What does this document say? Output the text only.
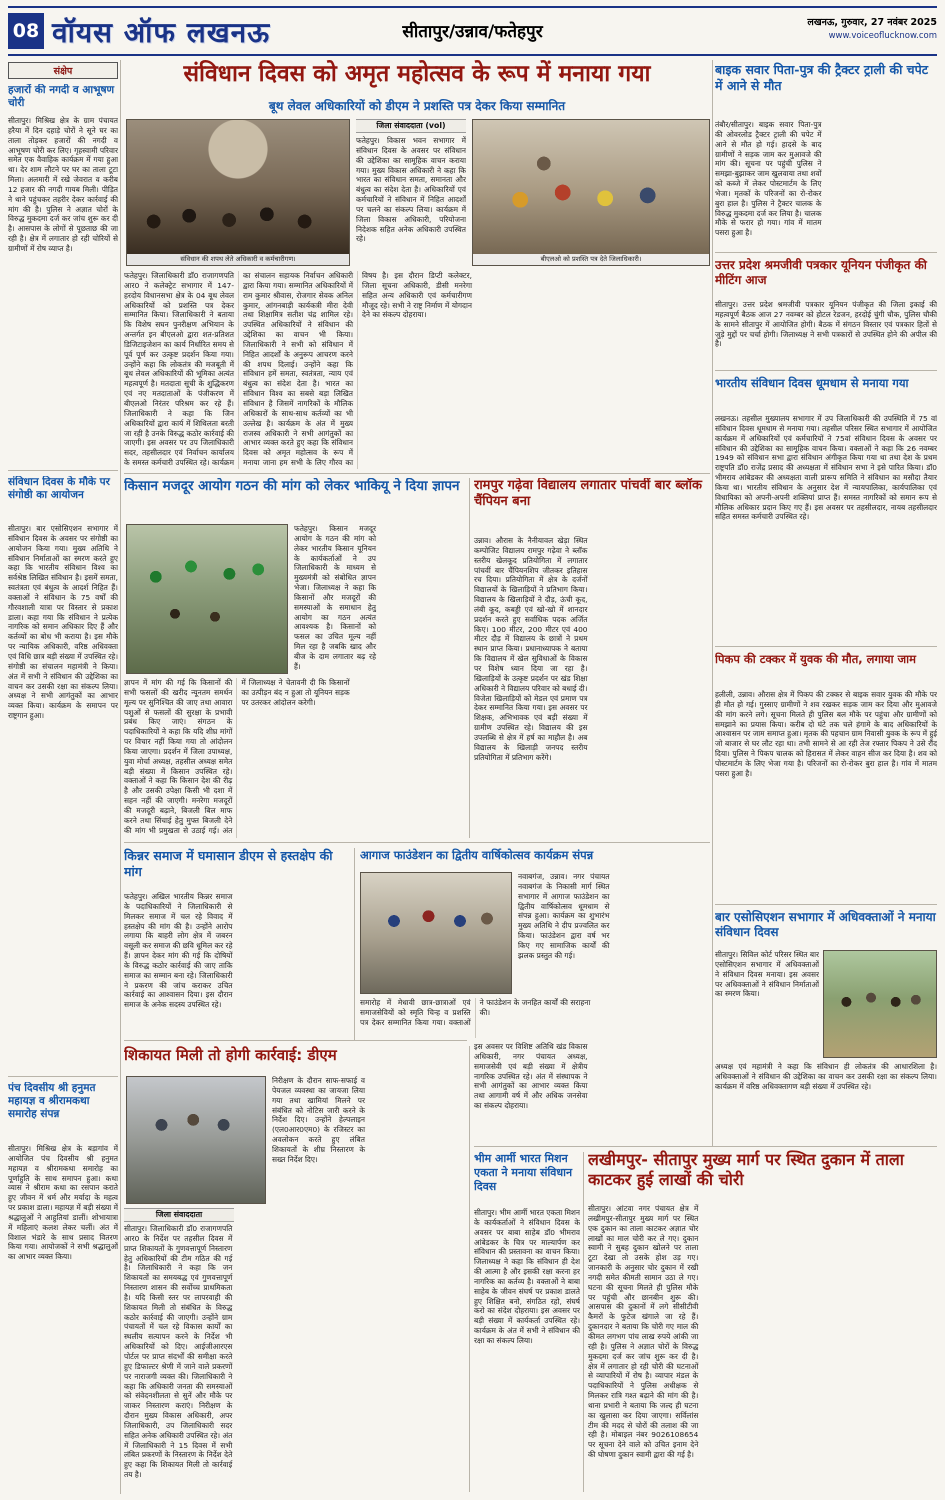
08 वॉयस ऑफ लखनऊ	सीतापुर/उन्नाव/फतेहपुर	लखनऊ, गुरुवार, 27 नवंबर 2025
www.voiceoflucknow.com
संक्षेप
हजारों की नगदी व आभूषण चोरी
सीतापुर। मिश्रिख क्षेत्र के ग्राम पंचायत हरैया में दिन दहाड़े चोरों ने सूने घर का ताला तोड़कर हजारों की नगदी व आभूषण चोरी कर लिए। गृहस्वामी परिवार समेत एक वैवाहिक कार्यक्रम में गया हुआ था। देर शाम लौटने पर घर का ताला टूटा मिला। अलमारी में रखे जेवरात व करीब 12 हजार की नगदी गायब मिली। पीड़ित ने थाने पहुंचकर तहरीर देकर कार्रवाई की मांग की है। पुलिस ने अज्ञात चोरों के विरुद्ध मुकदमा दर्ज कर जांच शुरू कर दी है। आसपास के लोगों से पूछताछ की जा रही है। क्षेत्र में लगातार हो रही चोरियों से ग्रामीणों में रोष व्याप्त है।
संविधान दिवस के मौके पर संगोष्ठी का आयोजन
सीतापुर। बार एसोसिएशन सभागार में संविधान दिवस के अवसर पर संगोष्ठी का आयोजन किया गया। मुख्य अतिथि ने संविधान निर्माताओं का स्मरण करते हुए कहा कि भारतीय संविधान विश्व का सर्वश्रेष्ठ लिखित संविधान है। इसमें समता, स्वतंत्रता एवं बंधुत्व के आदर्श निहित हैं। वक्ताओं ने संविधान के 75 वर्षों की गौरवशाली यात्रा पर विस्तार से प्रकाश डाला। कहा गया कि संविधान ने प्रत्येक नागरिक को समान अधिकार दिए हैं और कर्तव्यों का बोध भी कराया है। इस मौके पर न्यायिक अधिकारी, वरिष्ठ अधिवक्ता एवं विधि छात्र बड़ी संख्या में उपस्थित रहे। संगोष्ठी का संचालन महामंत्री ने किया। अंत में सभी ने संविधान की उद्देशिका का वाचन कर उसकी रक्षा का संकल्प लिया। अध्यक्ष ने सभी आगंतुकों का आभार व्यक्त किया। कार्यक्रम के समापन पर राष्ट्रगान हुआ।
पंच दिवसीय श्री हनुमत महायज्ञ व श्रीरामकथा समारोह संपन्न
सीतापुर। मिश्रिख क्षेत्र के बड़ागांव में आयोजित पंच दिवसीय श्री हनुमत महायज्ञ व श्रीरामकथा समारोह का पूर्णाहुति के साथ समापन हुआ। कथा व्यास ने श्रीराम कथा का रसपान कराते हुए जीवन में धर्म और मर्यादा के महत्व पर प्रकाश डाला। महायज्ञ में बड़ी संख्या में श्रद्धालुओं ने आहुतियां डालीं। शोभायात्रा में महिलाएं कलश लेकर चलीं। अंत में विशाल भंडारे के साथ प्रसाद वितरण किया गया। आयोजकों ने सभी श्रद्धालुओं का आभार व्यक्त किया।
संविधान दिवस को अमृत महोत्सव के रूप में मनाया गया
बूथ लेवल अधिकारियों को डीएम ने प्रशस्ति पत्र देकर किया सम्मानित
संविधान की शपथ लेते अधिकारी व कर्मचारीगण।
जिला संवाददाता (vol)
फतेहपुर। विकास भवन सभागार में संविधान दिवस के अवसर पर संविधान की उद्देशिका का सामूहिक वाचन कराया गया। मुख्य विकास अधिकारी ने कहा कि भारत का संविधान समता, समानता और बंधुत्व का संदेश देता है। अधिकारियों एवं कर्मचारियों ने संविधान में निहित आदर्शों पर चलने का संकल्प लिया। कार्यक्रम में जिला विकास अधिकारी, परियोजना निदेशक सहित अनेक अधिकारी उपस्थित रहे।
बीएलओ को प्रशस्ति पत्र देते जिलाधिकारी।
फतेहपुर। जिलाधिकारी डॉ0 राजागणपति आर0 ने कलेक्ट्रेट सभागार में 147-हरदोय विधानसभा क्षेत्र के 04 बूथ लेवल अधिकारियों को प्रशस्ति पत्र देकर सम्मानित किया। जिलाधिकारी ने बताया कि विशेष सघन पुनरीक्षण अभियान के अन्तर्गत इन बीएलओ द्वारा शत-प्रतिशत डिजिटाइजेशन का कार्य निर्धारित समय से पूर्व पूर्ण कर उत्कृष्ट प्रदर्शन किया गया। उन्होंने कहा कि लोकतंत्र की मजबूती में बूथ लेवल अधिकारियों की भूमिका अत्यंत महत्वपूर्ण है। मतदाता सूची के शुद्धिकरण एवं नए मतदाताओं के पंजीकरण में बीएलओ निरंतर परिश्रम कर रहे हैं। जिलाधिकारी ने कहा कि जिन अधिकारियों द्वारा कार्य में शिथिलता बरती जा रही है उनके विरुद्ध कठोर कार्रवाई की जाएगी। इस अवसर पर उप जिलाधिकारी सदर, तहसीलदार एवं निर्वाचन कार्यालय के समस्त कर्मचारी उपस्थित रहे। कार्यक्रम का संचालन सहायक निर्वाचन अधिकारी द्वारा किया गया। सम्मानित अधिकारियों में राम कुमार श्रीवास, रोजगार सेवक अनिल कुमार, आंगनबाड़ी कार्यकत्री मीरा देवी तथा शिक्षामित्र सतीश चंद्र शामिल रहे। उपस्थित अधिकारियों ने संविधान की उद्देशिका का वाचन भी किया। जिलाधिकारी ने सभी को संविधान में निहित आदर्शों के अनुरूप आचरण करने की शपथ दिलाई। उन्होंने कहा कि संविधान हमें समता, स्वतंत्रता, न्याय एवं बंधुत्व का संदेश देता है। भारत का संविधान विश्व का सबसे बड़ा लिखित संविधान है जिसमें नागरिकों के मौलिक अधिकारों के साथ-साथ कर्तव्यों का भी उल्लेख है। कार्यक्रम के अंत में मुख्य राजस्व अधिकारी ने सभी आगंतुकों का आभार व्यक्त करते हुए कहा कि संविधान दिवस को अमृत महोत्सव के रूप में मनाया जाना हम सभी के लिए गौरव का विषय है। इस दौरान डिप्टी कलेक्टर, जिला सूचना अधिकारी, डीसी मनरेगा सहित अन्य अधिकारी एवं कर्मचारीगण मौजूद रहे। सभी ने राष्ट्र निर्माण में योगदान देने का संकल्प दोहराया।
किसान मजदूर आयोग गठन की मांग को लेकर भाकियू ने दिया ज्ञापन
फतेहपुर। किसान मजदूर आयोग के गठन की मांग को लेकर भारतीय किसान यूनियन के कार्यकर्ताओं ने उप जिलाधिकारी के माध्यम से मुख्यमंत्री को संबोधित ज्ञापन भेजा। जिलाध्यक्ष ने कहा कि किसानों और मजदूरों की समस्याओं के समाधान हेतु आयोग का गठन अत्यंत आवश्यक है। किसानों को फसल का उचित मूल्य नहीं मिल रहा है जबकि खाद और बीज के दाम लगातार बढ़ रहे हैं।
ज्ञापन में मांग की गई कि किसानों की सभी फसलों की खरीद न्यूनतम समर्थन मूल्य पर सुनिश्चित की जाए तथा आवारा पशुओं से फसलों की सुरक्षा के प्रभावी प्रबंध किए जाएं। संगठन के पदाधिकारियों ने कहा कि यदि शीघ्र मांगों पर विचार नहीं किया गया तो आंदोलन किया जाएगा। प्रदर्शन में जिला उपाध्यक्ष, युवा मोर्चा अध्यक्ष, तहसील अध्यक्ष समेत बड़ी संख्या में किसान उपस्थित रहे। वक्ताओं ने कहा कि किसान देश की रीढ़ है और उसकी उपेक्षा किसी भी दशा में सहन नहीं की जाएगी। मनरेगा मजदूरों की मजदूरी बढ़ाने, बिजली बिल माफ करने तथा सिंचाई हेतु मुफ्त बिजली देने की मांग भी प्रमुखता से उठाई गई। अंत में जिलाध्यक्ष ने चेतावनी दी कि किसानों का उत्पीड़न बंद न हुआ तो यूनियन सड़क पर उतरकर आंदोलन करेगी।
रामपुर गढ़ेवा विद्यालय लगातार पांचवीं बार ब्लॉक चैंपियन बना
उन्नाव। औरास के नैनीयावल खेड़ा स्थित कम्पोजिट विद्यालय रामपुर गढ़ेवा ने ब्लॉक स्तरीय खेलकूद प्रतियोगिता में लगातार पांचवीं बार चैंपियनशिप जीतकर इतिहास रच दिया। प्रतियोगिता में क्षेत्र के दर्जनों विद्यालयों के खिलाड़ियों ने प्रतिभाग किया। विद्यालय के खिलाड़ियों ने दौड़, ऊंची कूद, लंबी कूद, कबड्डी एवं खो-खो में शानदार प्रदर्शन करते हुए सर्वाधिक पदक अर्जित किए। 100 मीटर, 200 मीटर एवं 400 मीटर दौड़ में विद्यालय के छात्रों ने प्रथम स्थान प्राप्त किया। प्रधानाध्यापक ने बताया कि विद्यालय में खेल सुविधाओं के विकास पर विशेष ध्यान दिया जा रहा है। खिलाड़ियों के उत्कृष्ट प्रदर्शन पर खंड शिक्षा अधिकारी ने विद्यालय परिवार को बधाई दी। विजेता खिलाड़ियों को मेडल एवं प्रमाण पत्र देकर सम्मानित किया गया। इस अवसर पर शिक्षक, अभिभावक एवं बड़ी संख्या में ग्रामीण उपस्थित रहे। विद्यालय की इस उपलब्धि से क्षेत्र में हर्ष का माहौल है। अब विद्यालय के खिलाड़ी जनपद स्तरीय प्रतियोगिता में प्रतिभाग करेंगे।
किन्नर समाज में घमासान डीएम से हस्तक्षेप की मांग
फतेहपुर। अखिल भारतीय किन्नर समाज के पदाधिकारियों ने जिलाधिकारी से मिलकर समाज में चल रहे विवाद में हस्तक्षेप की मांग की है। उन्होंने आरोप लगाया कि बाहरी लोग क्षेत्र में जबरन वसूली कर समाज की छवि धूमिल कर रहे हैं। ज्ञापन देकर मांग की गई कि दोषियों के विरुद्ध कठोर कार्रवाई की जाए ताकि समाज का सम्मान बना रहे। जिलाधिकारी ने प्रकरण की जांच कराकर उचित कार्रवाई का आश्वासन दिया। इस दौरान समाज के अनेक सदस्य उपस्थित रहे।
आगाज फाउंडेशन का द्वितीय वार्षिकोत्सव कार्यक्रम संपन्न
नवाबगंज, उन्नाव। नगर पंचायत नवाबगंज के निकासी मार्ग स्थित सभागार में आगाज फाउंडेशन का द्वितीय वार्षिकोत्सव धूमधाम से संपन्न हुआ। कार्यक्रम का शुभारंभ मुख्य अतिथि ने दीप प्रज्वलित कर किया। फाउंडेशन द्वारा वर्ष भर किए गए सामाजिक कार्यों की झलक प्रस्तुत की गई।
समारोह में मेधावी छात्र-छात्राओं एवं समाजसेवियों को स्मृति चिन्ह व प्रशस्ति पत्र देकर सम्मानित किया गया। वक्ताओं ने फाउंडेशन के जनहित कार्यों की सराहना की।
इस अवसर पर विशिष्ट अतिथि खंड विकास अधिकारी, नगर पंचायत अध्यक्ष, समाजसेवी एवं बड़ी संख्या में क्षेत्रीय नागरिक उपस्थित रहे। अंत में संस्थापक ने सभी आगंतुकों का आभार व्यक्त किया तथा आगामी वर्ष में और अधिक जनसेवा का संकल्प दोहराया।
शिकायत मिली तो होगी कार्रवाई: डीएम
निरीक्षण के दौरान साफ-सफाई व पेयजल व्यवस्था का जायजा लिया गया तथा खामियां मिलने पर संबंधित को नोटिस जारी करने के निर्देश दिए। उन्होंने हेल्पलाइन (एल0आर0एम0) के रजिस्टर का अवलोकन करते हुए लंबित शिकायतों के शीघ्र निस्तारण के सख्त निर्देश दिए।
जिला संवाददाता
सीतापुर। जिलाधिकारी डॉ0 राजागणपति आर0 के निर्देश पर तहसील दिवस में प्राप्त शिकायतों के गुणवत्तापूर्ण निस्तारण हेतु अधिकारियों की टीम गठित की गई है। जिलाधिकारी ने कहा कि जन शिकायतों का समयबद्ध एवं गुणवत्तापूर्ण निस्तारण शासन की सर्वोच्च प्राथमिकता है। यदि किसी स्तर पर लापरवाही की शिकायत मिली तो संबंधित के विरुद्ध कठोर कार्रवाई की जाएगी। उन्होंने ग्राम पंचायतों में चल रहे विकास कार्यों का स्थलीय सत्यापन करने के निर्देश भी अधिकारियों को दिए। आईजीआरएस पोर्टल पर प्राप्त संदर्भों की समीक्षा करते हुए डिफाल्टर श्रेणी में जाने वाले प्रकरणों पर नाराजगी व्यक्त की। जिलाधिकारी ने कहा कि अधिकारी जनता की समस्याओं को संवेदनशीलता से सुनें और मौके पर जाकर निस्तारण कराएं। निरीक्षण के दौरान मुख्य विकास अधिकारी, अपर जिलाधिकारी, उप जिलाधिकारी सदर सहित अनेक अधिकारी उपस्थित रहे। अंत में जिलाधिकारी ने 15 दिवस में सभी लंबित प्रकरणों के निस्तारण के निर्देश देते हुए कहा कि शिकायत मिली तो कार्रवाई तय है।
भीम आर्मी भारत मिशन एकता ने मनाया संविधान दिवस
सीतापुर। भीम आर्मी भारत एकता मिशन के कार्यकर्ताओं ने संविधान दिवस के अवसर पर बाबा साहेब डॉ0 भीमराव आंबेडकर के चित्र पर माल्यार्पण कर संविधान की प्रस्तावना का वाचन किया। जिलाध्यक्ष ने कहा कि संविधान ही देश की आत्मा है और इसकी रक्षा करना हर नागरिक का कर्तव्य है। वक्ताओं ने बाबा साहेब के जीवन संघर्ष पर प्रकाश डालते हुए शिक्षित बनो, संगठित रहो, संघर्ष करो का संदेश दोहराया। इस अवसर पर बड़ी संख्या में कार्यकर्ता उपस्थित रहे। कार्यक्रम के अंत में सभी ने संविधान की रक्षा का संकल्प लिया।
लखीमपुर- सीतापुर मुख्य मार्ग पर स्थित दुकान में ताला काटकर हुई लाखों की चोरी
सीतापुर। आंटवा नगर पंचायत क्षेत्र में लखीमपुर-सीतापुर मुख्य मार्ग पर स्थित एक दुकान का ताला काटकर अज्ञात चोर लाखों का माल चोरी कर ले गए। दुकान स्वामी ने सुबह दुकान खोलने पर ताला टूटा देखा तो उसके होश उड़ गए। जानकारी के अनुसार चोर दुकान में रखी नगदी समेत कीमती सामान उठा ले गए। घटना की सूचना मिलते ही पुलिस मौके पर पहुंची और छानबीन शुरू की। आसपास की दुकानों में लगे सीसीटीवी कैमरों के फुटेज खंगाले जा रहे हैं। दुकानदार ने बताया कि चोरी गए माल की कीमत लगभग पांच लाख रुपये आंकी जा रही है। पुलिस ने अज्ञात चोरों के विरुद्ध मुकदमा दर्ज कर जांच शुरू कर दी है। क्षेत्र में लगातार हो रही चोरी की घटनाओं से व्यापारियों में रोष है। व्यापार मंडल के पदाधिकारियों ने पुलिस अधीक्षक से मिलकर रात्रि गश्त बढ़ाने की मांग की है। थाना प्रभारी ने बताया कि जल्द ही घटना का खुलासा कर दिया जाएगा। सर्विलांस टीम की मदद से चोरों की तलाश की जा रही है। मोबाइल नंबर 9026108654 पर सूचना देने वाले को उचित इनाम देने की घोषणा दुकान स्वामी द्वारा की गई है।
बाइक सवार पिता-पुत्र की ट्रैक्टर ट्राली की चपेट में आने से मौत
तंबौर/सीतापुर। बाइक सवार पिता-पुत्र की ओवरलोड ट्रैक्टर ट्राली की चपेट में आने से मौत हो गई। हादसे के बाद ग्रामीणों ने सड़क जाम कर मुआवजे की मांग की। सूचना पर पहुंची पुलिस ने समझा-बुझाकर जाम खुलवाया तथा शवों को कब्जे में लेकर पोस्टमार्टम के लिए भेजा। मृतकों के परिजनों का रो-रोकर बुरा हाल है। पुलिस ने ट्रैक्टर चालक के विरुद्ध मुकदमा दर्ज कर लिया है। चालक मौके से फरार हो गया। गांव में मातम पसरा हुआ है।
उत्तर प्रदेश श्रमजीवी पत्रकार यूनियन पंजीकृत की मीटिंग आज
सीतापुर। उत्तर प्रदेश श्रमजीवी पत्रकार यूनियन पंजीकृत की जिला इकाई की महत्वपूर्ण बैठक आज 27 नवम्बर को होटल रेडजन, हरदोई चुंगी चौक, पुलिस चौकी के सामने सीतापुर में आयोजित होगी। बैठक में संगठन विस्तार एवं पत्रकार हितों से जुड़े मुद्दों पर चर्चा होगी। जिलाध्यक्ष ने सभी पत्रकारों से उपस्थित होने की अपील की है।
भारतीय संविधान दिवस धूमधाम से मनाया गया
लखनऊ। तहसील मुख्यालय सभागार में उप जिलाधिकारी की उपस्थिति में 75 वां संविधान दिवस धूमधाम से मनाया गया। तहसील परिसर स्थित सभागार में आयोजित कार्यक्रम में अधिकारियों एवं कर्मचारियों ने 75वां संविधान दिवस के अवसर पर संविधान की उद्देशिका का सामूहिक वाचन किया। वक्ताओं ने कहा कि 26 नवम्बर 1949 को संविधान सभा द्वारा संविधान अंगीकृत किया गया था तथा देश के प्रथम राष्ट्रपति डॉ0 राजेंद्र प्रसाद की अध्यक्षता में संविधान सभा ने इसे पारित किया। डॉ0 भीमराव आंबेडकर की अध्यक्षता वाली प्रारूप समिति ने संविधान का मसौदा तैयार किया था। भारतीय संविधान के अनुसार देश में न्यायपालिका, कार्यपालिका एवं विधायिका को अपनी-अपनी शक्तियां प्राप्त हैं। समस्त नागरिकों को समान रूप से मौलिक अधिकार प्रदान किए गए हैं। इस अवसर पर तहसीलदार, नायब तहसीलदार सहित समस्त कर्मचारी उपस्थित रहे।
पिकप की टक्कर में युवक की मौत, लगाया जाम
हलीली, उन्नाव। औरास क्षेत्र में पिकप की टक्कर से बाइक सवार युवक की मौके पर ही मौत हो गई। गुस्साए ग्रामीणों ने शव रखकर सड़क जाम कर दिया और मुआवजे की मांग करने लगे। सूचना मिलते ही पुलिस बल मौके पर पहुंचा और ग्रामीणों को समझाने का प्रयास किया। करीब दो घंटे तक चले हंगामे के बाद अधिकारियों के आश्वासन पर जाम समाप्त हुआ। मृतक की पहचान ग्राम निवासी युवक के रूप में हुई जो बाजार से घर लौट रहा था। तभी सामने से आ रही तेज रफ्तार पिकप ने उसे रौंद दिया। पुलिस ने पिकप चालक को हिरासत में लेकर वाहन सीज कर दिया है। शव को पोस्टमार्टम के लिए भेजा गया है। परिजनों का रो-रोकर बुरा हाल है। गांव में मातम पसरा हुआ है।
बार एसोसिएशन सभागार में अधिवक्ताओं ने मनाया संविधान दिवस
सीतापुर। सिविल कोर्ट परिसर स्थित बार एसोसिएशन सभागार में अधिवक्ताओं ने संविधान दिवस मनाया। इस अवसर पर अधिवक्ताओं ने संविधान निर्माताओं का स्मरण किया।
अध्यक्ष एवं महामंत्री ने कहा कि संविधान ही लोकतंत्र की आधारशिला है। अधिवक्ताओं ने संविधान की उद्देशिका का वाचन कर उसकी रक्षा का संकल्प लिया। कार्यक्रम में वरिष्ठ अधिवक्तागण बड़ी संख्या में उपस्थित रहे।
